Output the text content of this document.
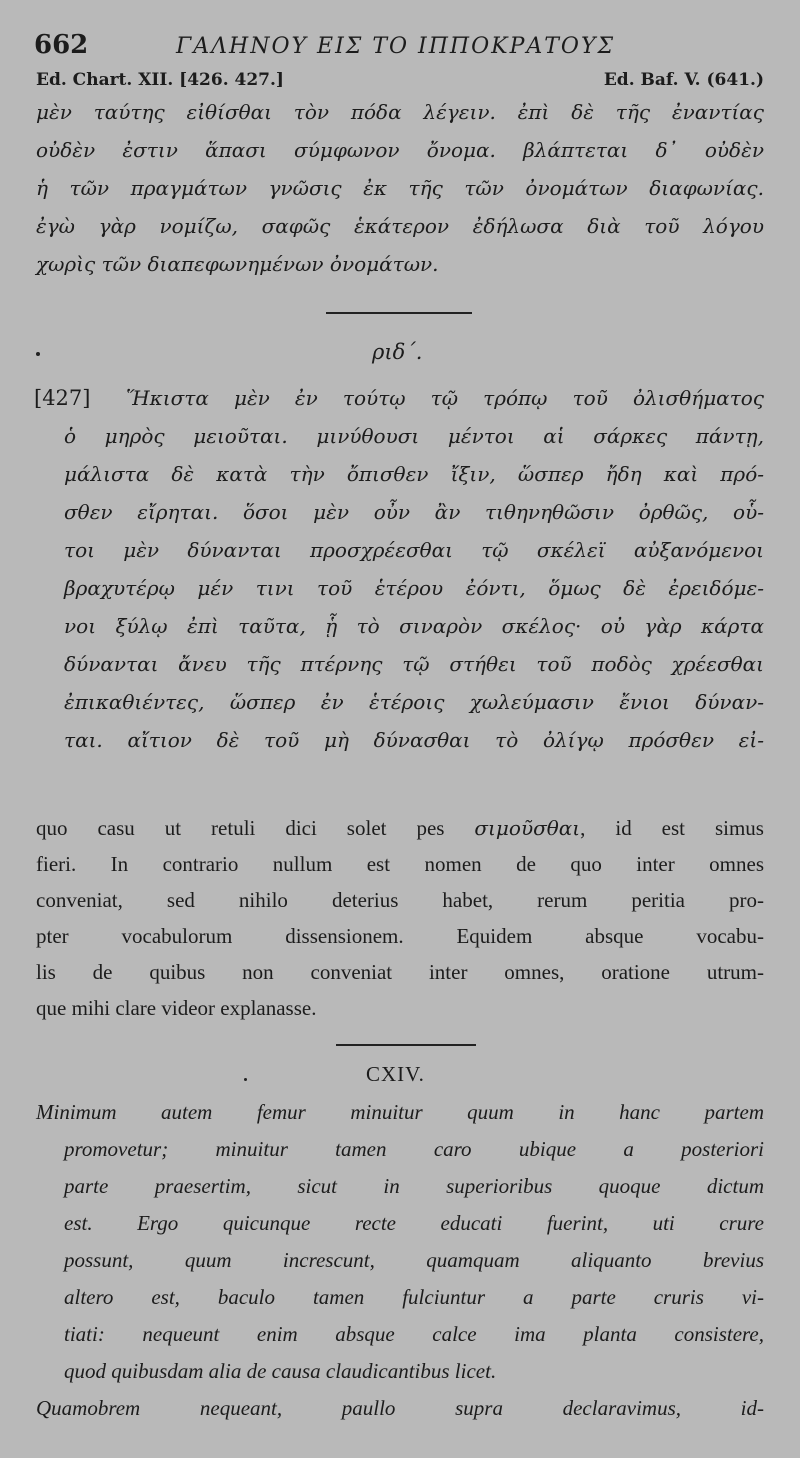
662	ΓΑΛΗΝΟΥ ΕΙΣ ΤΟ ΙΠΠΟΚΡΑΤΟΥΣ
Ed. Chart. XII. [426. 427.]	Ed. Baf. V. (641.)
μὲν ταύτης εἰθίσθαι τὸν πόδα λέγειν. ἐπὶ δὲ τῆς ἐναντίας
οὐδὲν ἐστιν ἅπασι σύμφωνον ὄνομα. βλάπτεται δ᾿ οὐδὲν
ἡ τῶν πραγμάτων γνῶσις ἐκ τῆς τῶν ὀνομάτων διαφωνίας.
ἐγὼ γὰρ νομίζω, σαφῶς ἑκάτερον ἐδήλωσα διὰ τοῦ λόγου
χωρὶς τῶν διαπεφωνημένων ὀνομάτων.
ριδ΄.
[427] Ἥκιστα μὲν ἐν τούτῳ τῷ τρόπῳ τοῦ ὀλισθήματος
ὁ μηρὸς μειοῦται. μινύθουσι μέντοι αἱ σάρκες πάντῃ,
μάλιστα δὲ κατὰ τὴν ὄπισθεν ἴξιν, ὥσπερ ἤδη καὶ πρό-
σθεν εἴρηται. ὅσοι μὲν οὖν ἂν τιθηνηθῶσιν ὀρθῶς, οὗ-
τοι μὲν δύνανται προσχρέεσθαι τῷ σκέλεϊ αὐξανόμενοι
βραχυτέρῳ μέν τινι τοῦ ἑτέρου ἐόντι, ὅμως δὲ ἐρειδόμε-
νοι ξύλῳ ἐπὶ ταῦτα, ᾗ τὸ σιναρὸν σκέλος· οὐ γὰρ κάρτα
δύνανται ἄνευ τῆς πτέρνης τῷ στήθει τοῦ ποδὸς χρέεσθαι
ἐπικαθιέντες, ὥσπερ ἐν ἑτέροις χωλεύμασιν ἔνιοι δύναν-
ται. αἴτιον δὲ τοῦ μὴ δύνασθαι τὸ ὀλίγῳ πρόσθεν εἰ-
quo casu ut retuli dici solet pes σιμοῦσθαι, id est simus
fieri. In contrario nullum est nomen de quo inter omnes
conveniat, sed nihilo deterius habet, rerum peritia pro-
pter vocabulorum dissensionem. Equidem absque vocabu-
lis de quibus non conveniat inter omnes, oratione utrum-
que mihi clare videor explanasse.
CXIV.
Minimum autem femur minuitur quum in hanc partem
promovetur; minuitur tamen caro ubique a posteriori
parte praesertim, sicut in superioribus quoque dictum
est. Ergo quicunque recte educati fuerint, uti crure
possunt, quum increscunt, quamquam aliquanto brevius
altero est, baculo tamen fulciuntur a parte cruris vi-
tiati: nequeunt enim absque calce ima planta consistere,
quod quibusdam alia de causa claudicantibus licet.
Quamobrem nequeant, paullo supra declaravimus, id-
